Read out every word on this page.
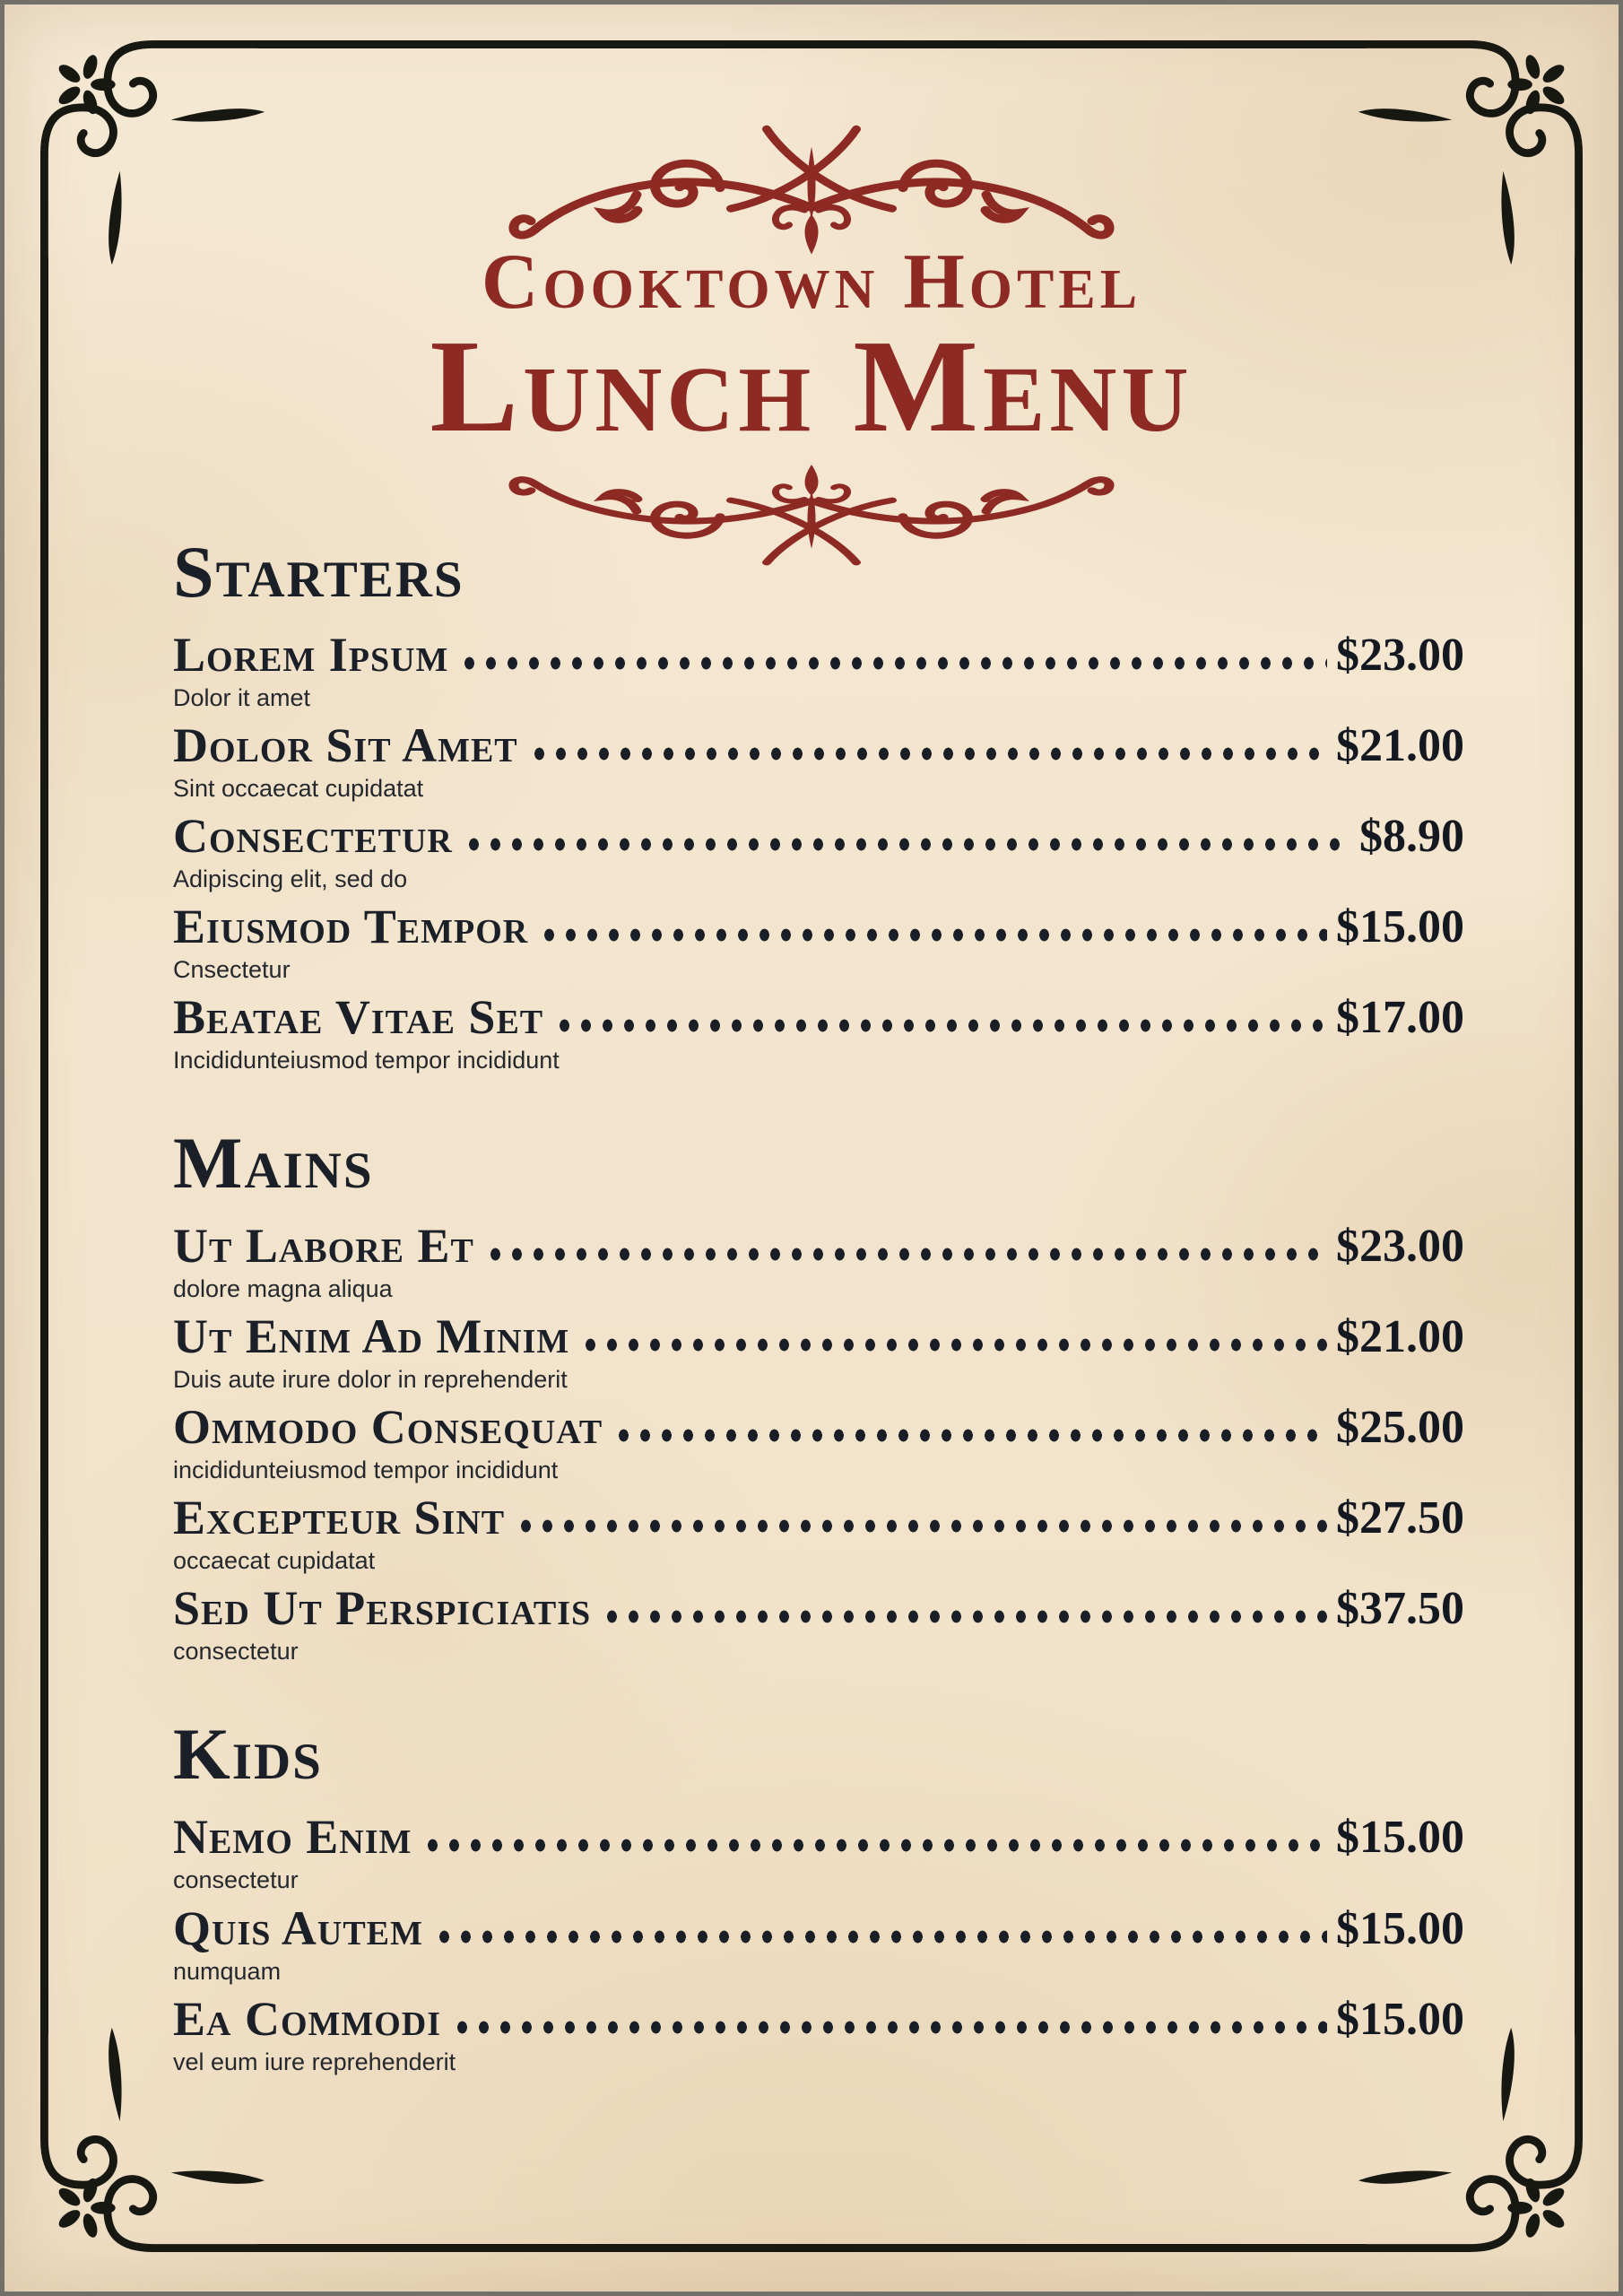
Cooktown Hotel
Lunch Menu
Starters
Lorem Ipsum	$23.00
Dolor it amet
Dolor Sit Amet	$21.00
Sint occaecat cupidatat
Consectetur	$8.90
Adipiscing elit, sed do
Eiusmod Tempor	$15.00
Cnsectetur
Beatae Vitae Set	$17.00
Incididunteiusmod tempor incididunt
Mains
Ut Labore Et	$23.00
dolore magna aliqua
Ut Enim Ad Minim	$21.00
Duis aute irure dolor in reprehenderit
Ommodo Consequat	$25.00
incididunteiusmod tempor incididunt
Excepteur Sint	$27.50
occaecat cupidatat
Sed Ut Perspiciatis	$37.50
consectetur
Kids
Nemo Enim	$15.00
consectetur
Quis Autem	$15.00
numquam
Ea Commodi	$15.00
vel eum iure reprehenderit
